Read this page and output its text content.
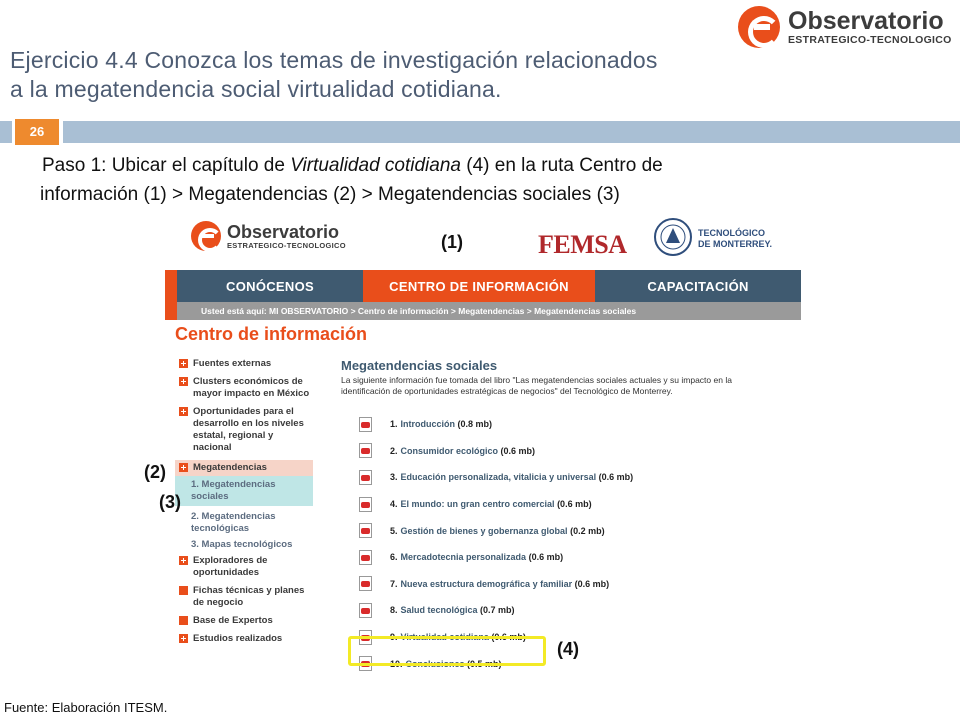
Ejercicio 4.4 Conozca los temas de investigación relacionados
a la megatendencia social virtualidad cotidiana.
Observatorio
ESTRATEGICO-TECNOLOGICO
26
Paso 1: Ubicar el capítulo de Virtualidad cotidiana (4) en la ruta Centro de
información (1) > Megatendencias (2) > Megatendencias sociales (3)
Observatorio
ESTRATEGICO-TECNOLOGICO	(1)	FEMSA	TECNOLÓGICO
DE MONTERREY.
CONÓCENOS	CENTRO DE INFORMACIÓN	CAPACITACIÓN
Usted está aquí: MI OBSERVATORIO > Centro de información > Megatendencias > Megatendencias sociales
Centro de información
Fuentes externas
Clusters económicos de mayor impacto en México
Oportunidades para el desarrollo en los niveles estatal, regional y nacional
Megatendencias
1. Megatendencias sociales
2. Megatendencias tecnológicas
3. Mapas tecnológicos
Exploradores de oportunidades
Fichas técnicas y planes de negocio
Base de Expertos
Estudios realizados
Megatendencias sociales
La siguiente información fue tomada del libro "Las megatendencias sociales actuales y su impacto en la identificación de oportunidades estratégicas de negocios" del Tecnológico de Monterrey.
1. Introducción (0.8 mb)
2. Consumidor ecológico (0.6 mb)
3. Educación personalizada, vitalicia y universal (0.6 mb)
4. El mundo: un gran centro comercial (0.6 mb)
5. Gestión de bienes y gobernanza global (0.2 mb)
6. Mercadotecnia personalizada (0.6 mb)
7. Nueva estructura demográfica y familiar (0.6 mb)
8. Salud tecnológica (0.7 mb)
9. Virtualidad cotidiana (0.6 mb)
10. Conclusiones (0.5 mb)
(2)
(3)
(4)
Fuente: Elaboración ITESM.
